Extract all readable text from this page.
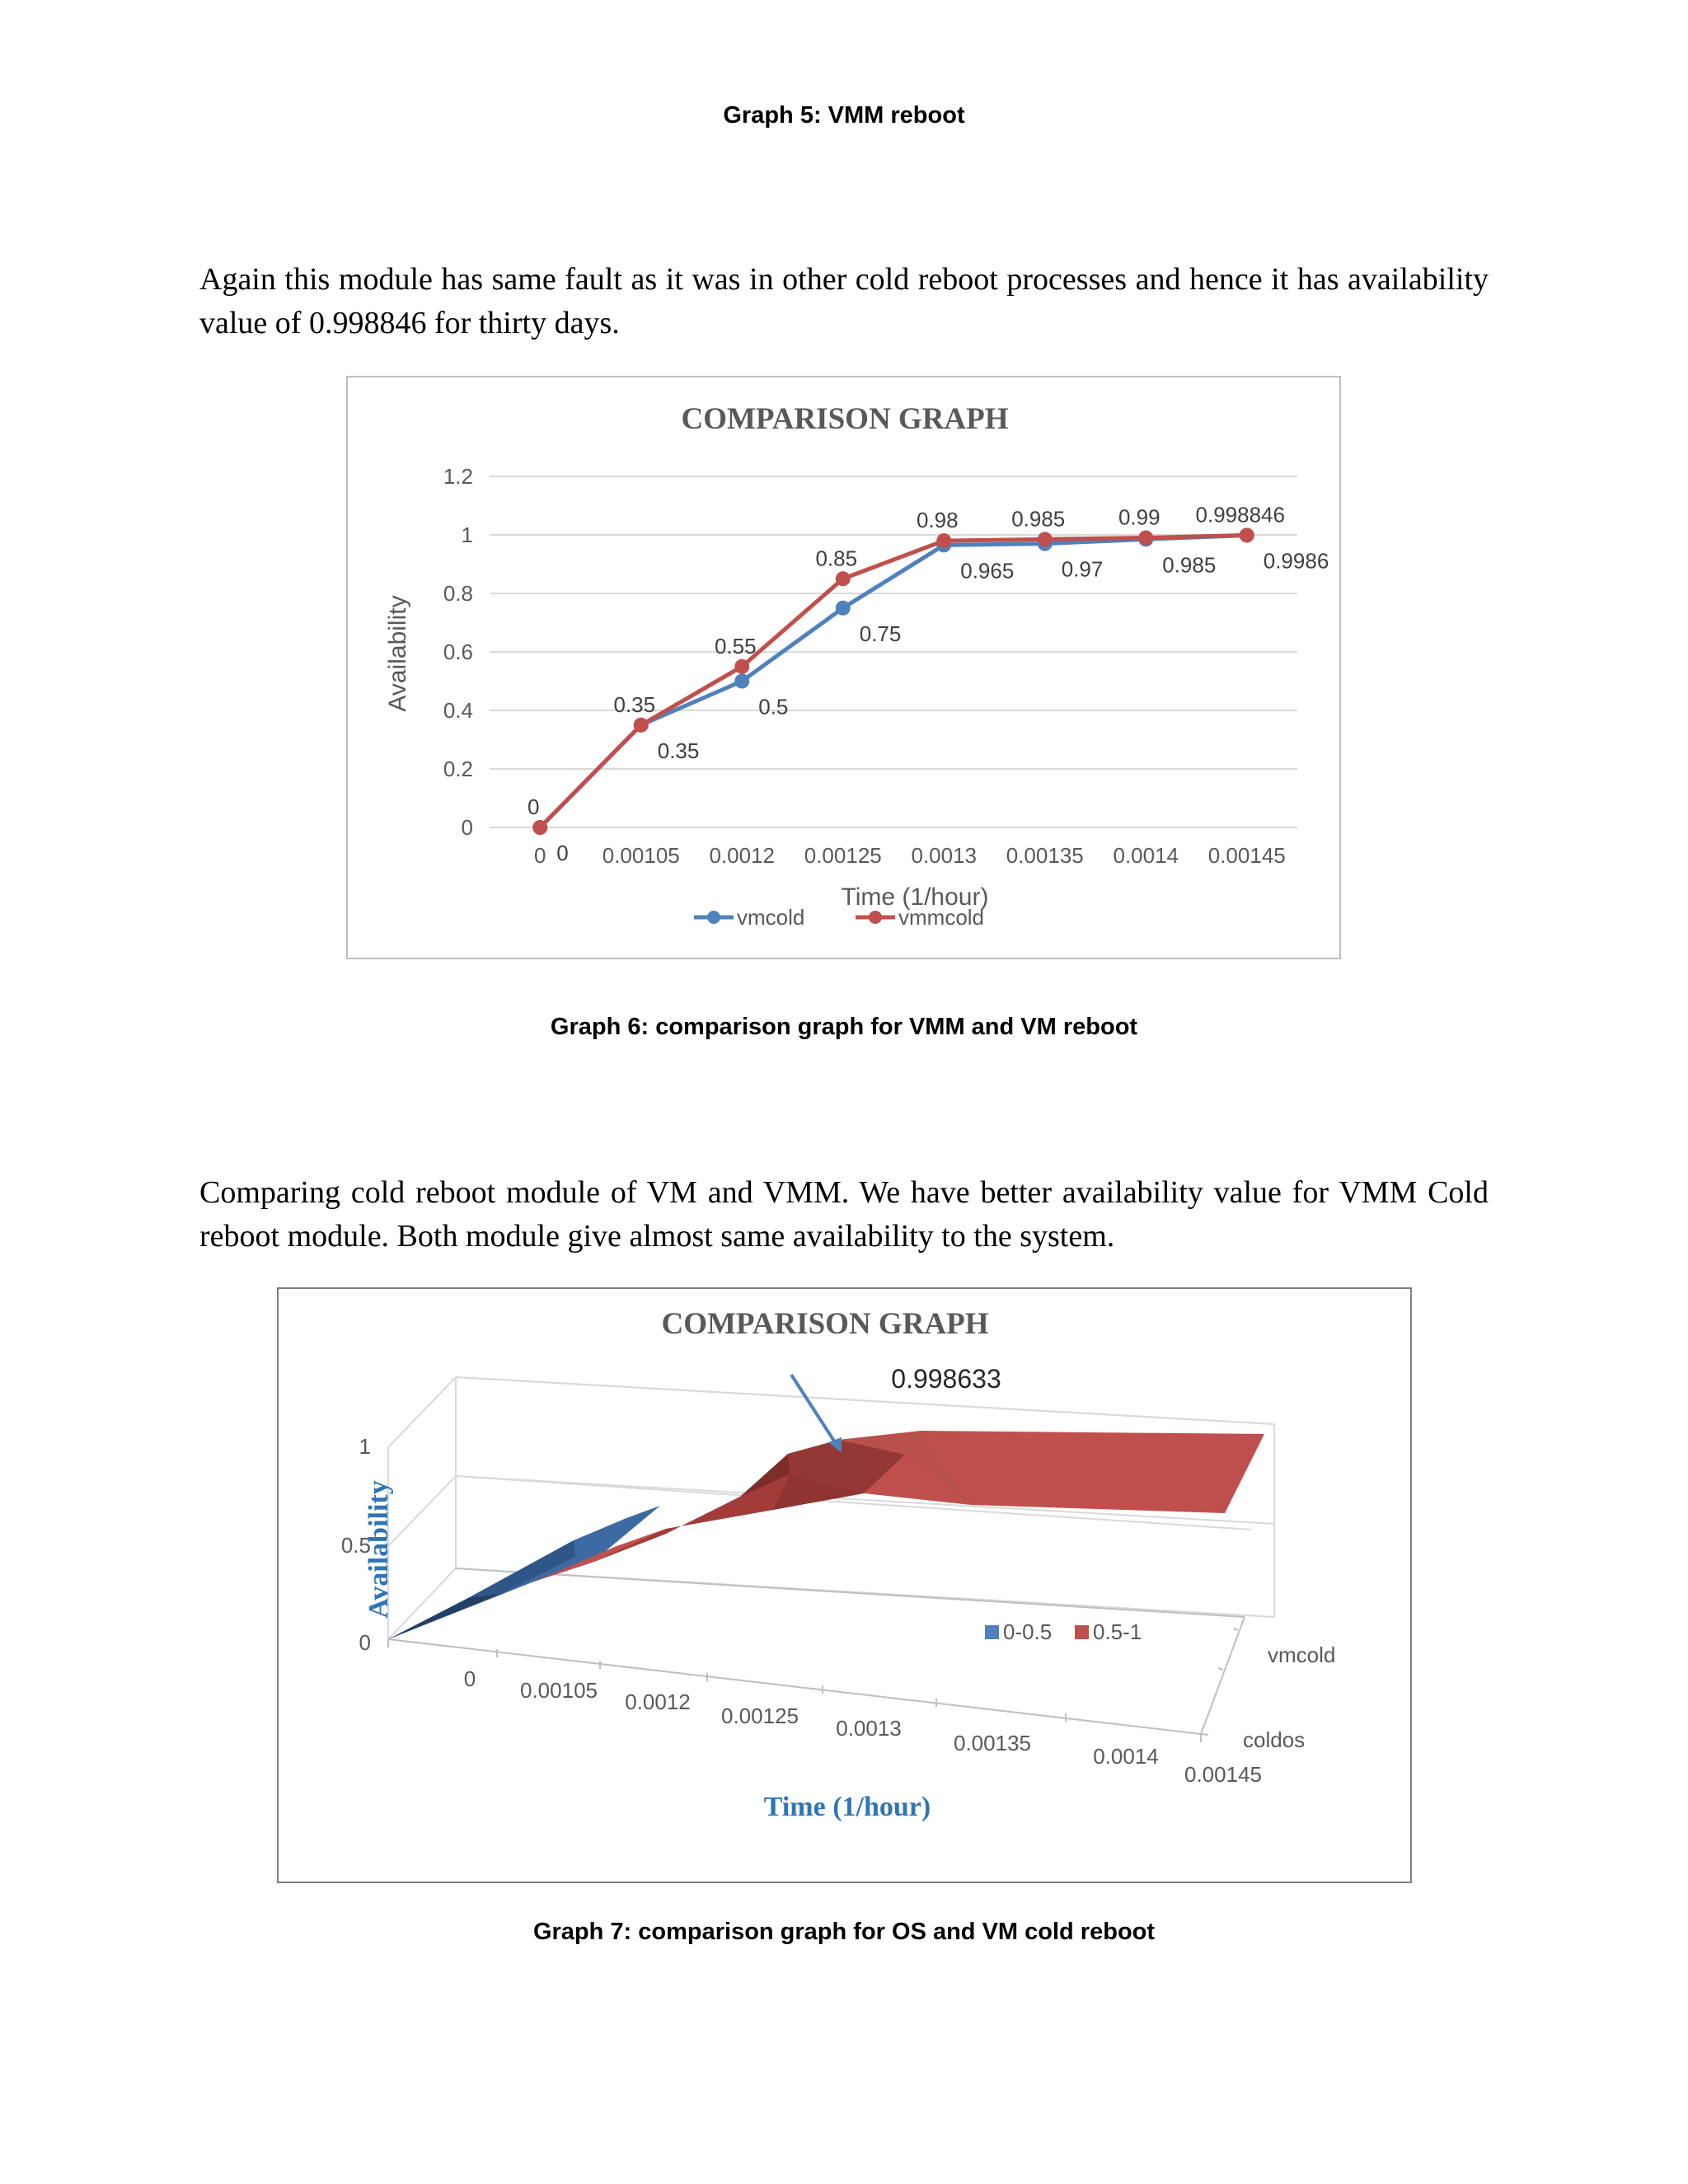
Graph 5: VMM reboot
Again this module has same fault as it was in other cold reboot processes and hence it has availability value of 0.998846 for thirty days.
COMPARISON GRAPH
0
0.2
0.4
0.6
0.8
1
1.2
0	0.00105 0.0012 0.00125 0.0013 0.00135 0.0014 0.00145
Availability
Time (1/hour)
0
0.35
0.5
0.75
0.965 0.97	0.985 0.9986
0
0.35
0.55
0.85
0.98 0.985 0.99 0.998846
vmcold	vmmcold
Graph 6: comparison graph for VMM and VM reboot
Comparing cold reboot module of VM and VMM. We have better availability value for VMM Cold reboot module. Both module give almost same availability to the system.
COMPARISON GRAPH
0.998633
1
0.5
0
Availability
0 0.00105 0.0012
0.00125 0.0013
0.00135
0.0014
0.00145
vmcold
coldos
Time (1/hour)
0-0.5 0.5-1
Graph 7: comparison graph for OS and VM cold reboot
